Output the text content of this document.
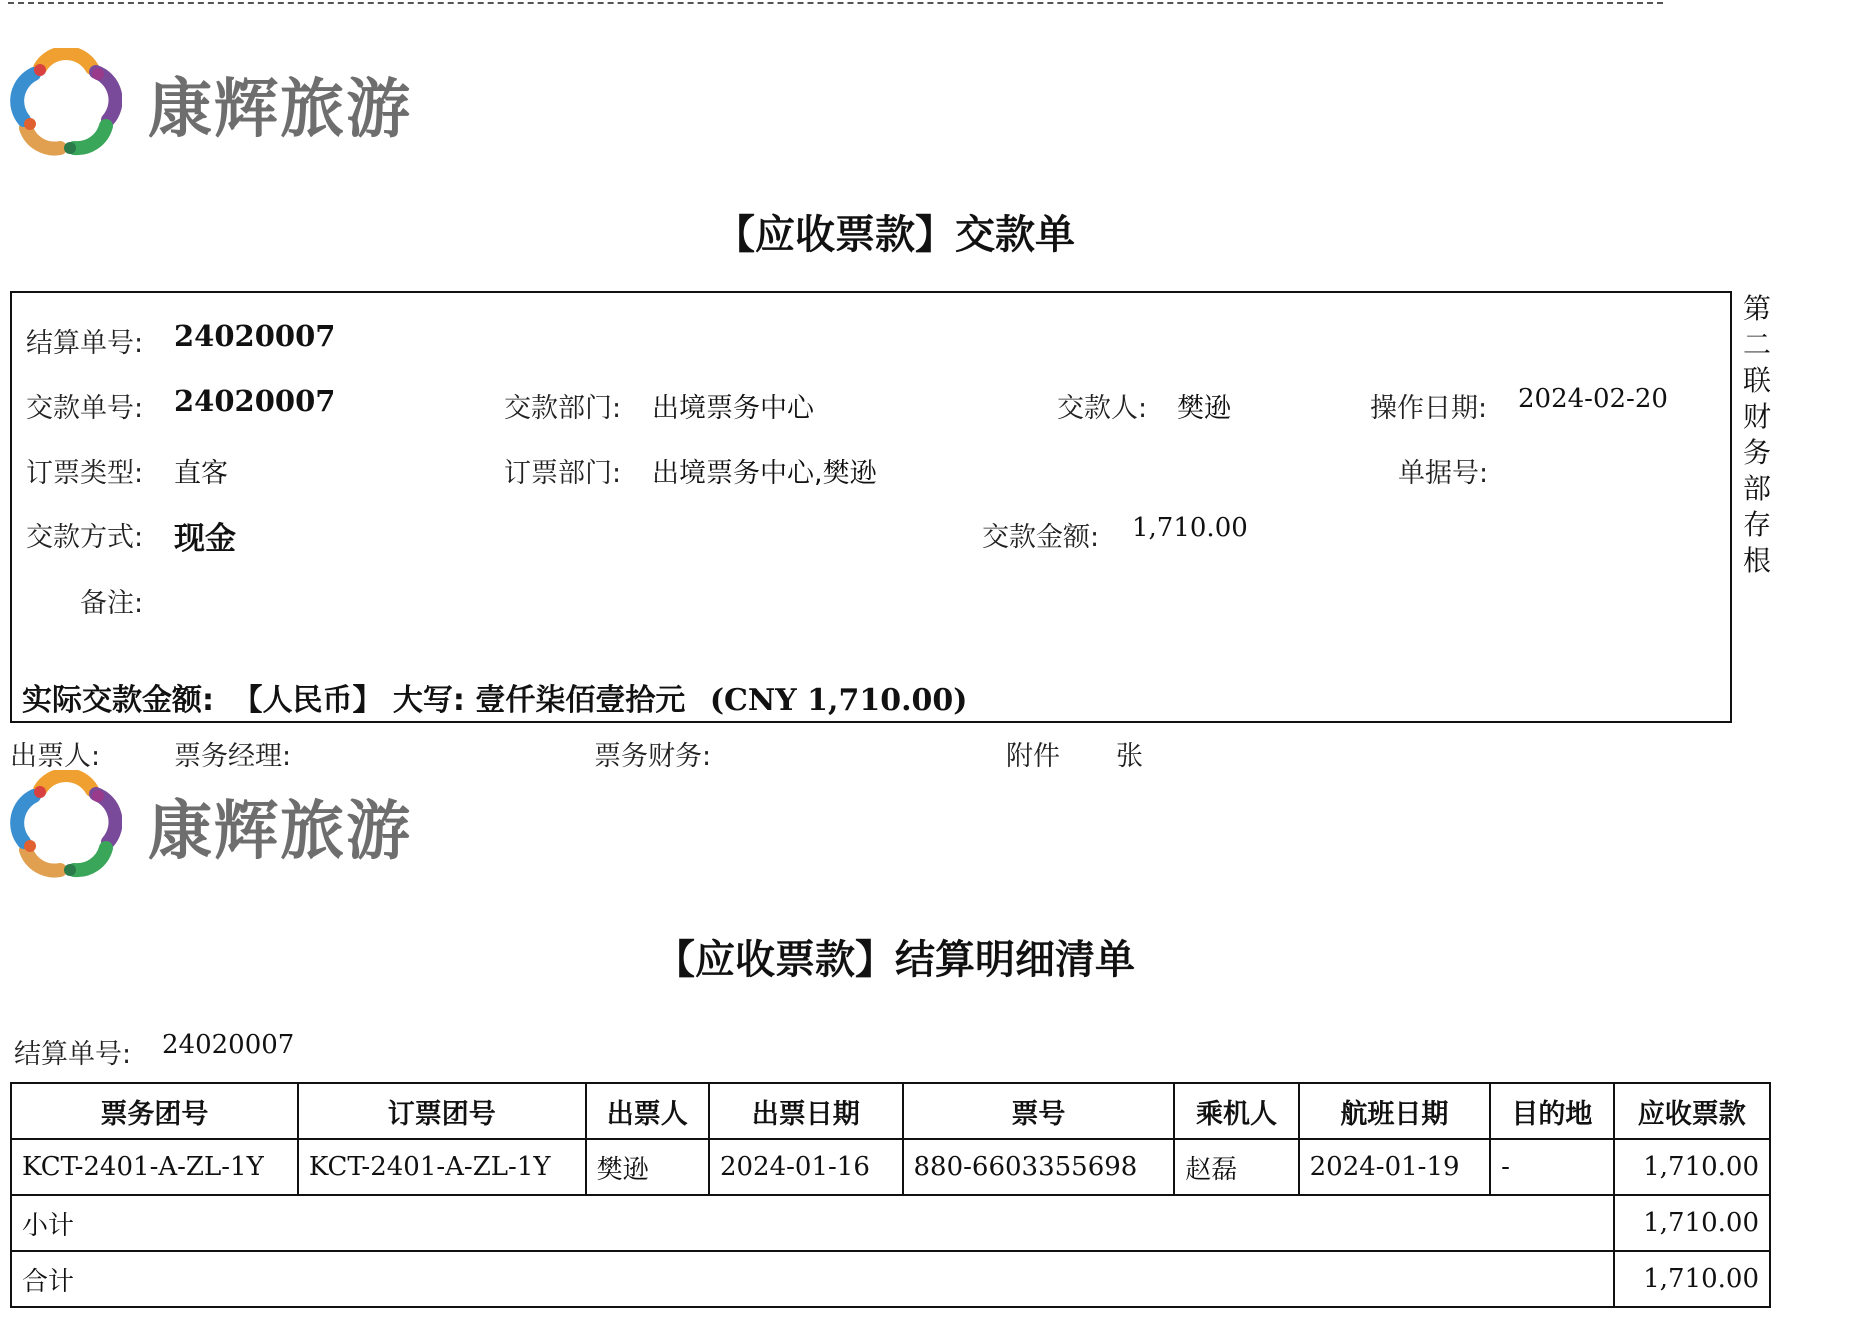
康辉旅游
【应收票款】交款单
结算单号: 24020007
交款单号: 24020007	交款部门: 出境票务中心	交款人: 樊逊	操作日期: 2024-02-20
订票类型: 直客	订票部门: 出境票务中心,樊逊	单据号:
交款方式: 现金	交款金额: 1,710.00
备注:
实际交款金额: 【人民币】 大写: 壹仟柒佰壹拾元 (CNY 1,710.00)
第二联财务部存根
出票人:	票务经理:	票务财务:	附件 张
康辉旅游
【应收票款】结算明细清单
结算单号: 24020007
票务团号	订票团号	出票人	出票日期	票号	乘机人	航班日期	目的地	应收票款
KCT-2401-A-ZL-1Y	KCT-2401-A-ZL-1Y	樊逊	2024-01-16	880-6603355698	赵磊	2024-01-19	-	1,710.00
小计								1,710.00
合计								1,710.00
